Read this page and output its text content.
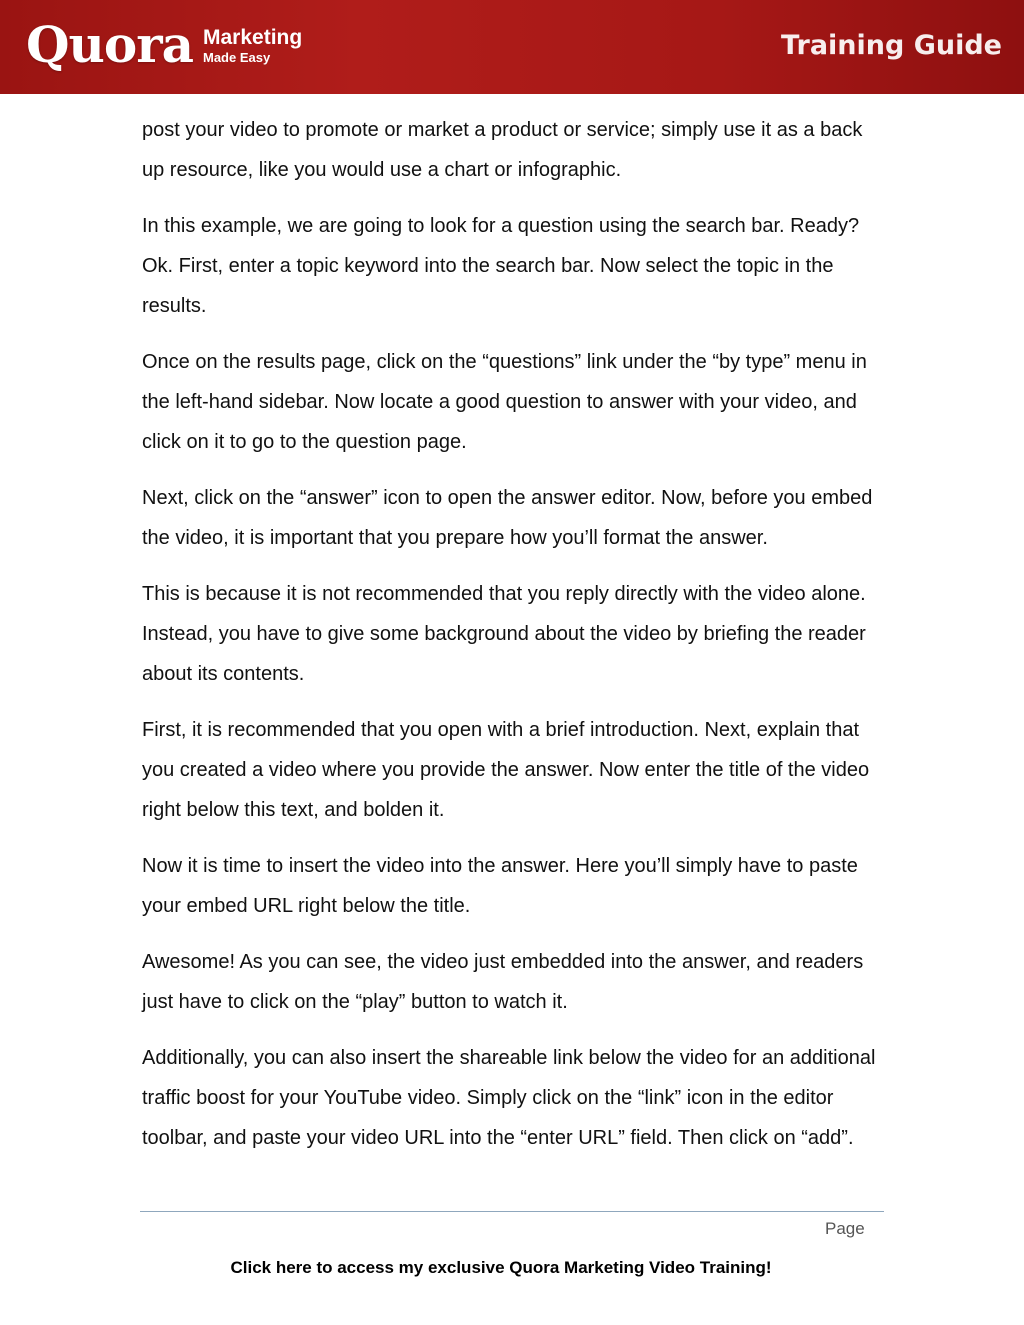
Quora Marketing
Made Easy	Training Guide

post your video to promote or market a product or service; simply use it as a back up resource, like you would use a chart or infographic.

In this example, we are going to look for a question using the search bar. Ready? Ok. First, enter a topic keyword into the search bar. Now select the topic in the results.

Once on the results page, click on the “questions” link under the “by type” menu in the left-hand sidebar. Now locate a good question to answer with your video, and click on it to go to the question page.

Next, click on the “answer” icon to open the answer editor. Now, before you embed the video, it is important that you prepare how you’ll format the answer.

This is because it is not recommended that you reply directly with the video alone. Instead, you have to give some background about the video by briefing the reader about its contents.

First, it is recommended that you open with a brief introduction. Next, explain that you created a video where you provide the answer. Now enter the title of the video right below this text, and bolden it.

Now it is time to insert the video into the answer. Here you’ll simply have to paste your embed URL right below the title.

Awesome! As you can see, the video just embedded into the answer, and readers just have to click on the “play” button to watch it.

Additionally, you can also insert the shareable link below the video for an additional traffic boost for your YouTube video. Simply click on the “link” icon in the editor toolbar, and paste your video URL into the “enter URL” field. Then click on “add”.

Page
Click here to access my exclusive Quora Marketing Video Training!
